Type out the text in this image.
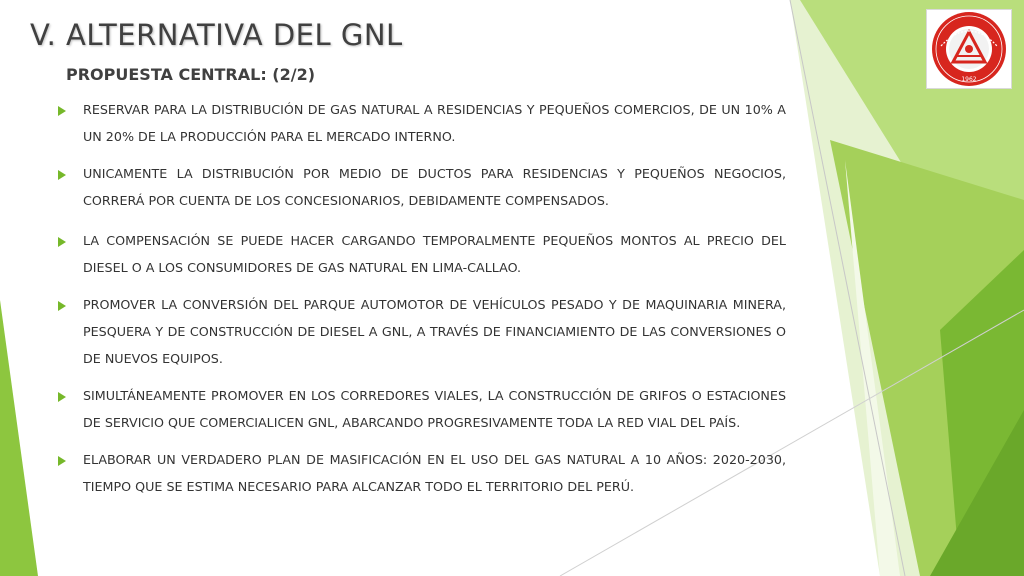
V. ALTERNATIVA DEL GNL
PROPUESTA CENTRAL: (2/2)	1962
RESERVAR PARA LA DISTRIBUCIÓN DE GAS NATURAL A RESIDENCIAS Y PEQUEÑOS COMERCIOS, DE UN 10% A UN 20% DE LA PRODUCCIÓN PARA EL MERCADO INTERNO.
UNICAMENTE LA DISTRIBUCIÓN POR MEDIO DE DUCTOS PARA RESIDENCIAS Y PEQUEÑOS NEGOCIOS, CORRERÁ POR CUENTA DE LOS CONCESIONARIOS, DEBIDAMENTE COMPENSADOS.
LA COMPENSACIÓN SE PUEDE HACER CARGANDO TEMPORALMENTE PEQUEÑOS MONTOS AL PRECIO DEL DIESEL O A LOS CONSUMIDORES DE GAS NATURAL EN LIMA-CALLAO.
PROMOVER LA CONVERSIÓN DEL PARQUE AUTOMOTOR DE VEHÍCULOS PESADO Y DE MAQUINARIA MINERA, PESQUERA Y DE CONSTRUCCIÓN DE DIESEL A GNL, A TRAVÉS DE FINANCIAMIENTO DE LAS CONVERSIONES O DE NUEVOS EQUIPOS.
SIMULTÁNEAMENTE PROMOVER EN LOS CORREDORES VIALES, LA CONSTRUCCIÓN DE GRIFOS O ESTACIONES DE SERVICIO QUE COMERCIALICEN GNL, ABARCANDO PROGRESIVAMENTE TODA LA RED VIAL DEL PAÍS.
ELABORAR UN VERDADERO PLAN DE MASIFICACIÓN EN EL USO DEL GAS NATURAL A 10 AÑOS: 2020-2030, TIEMPO QUE SE ESTIMA NECESARIO PARA ALCANZAR TODO EL TERRITORIO DEL PERÚ.
